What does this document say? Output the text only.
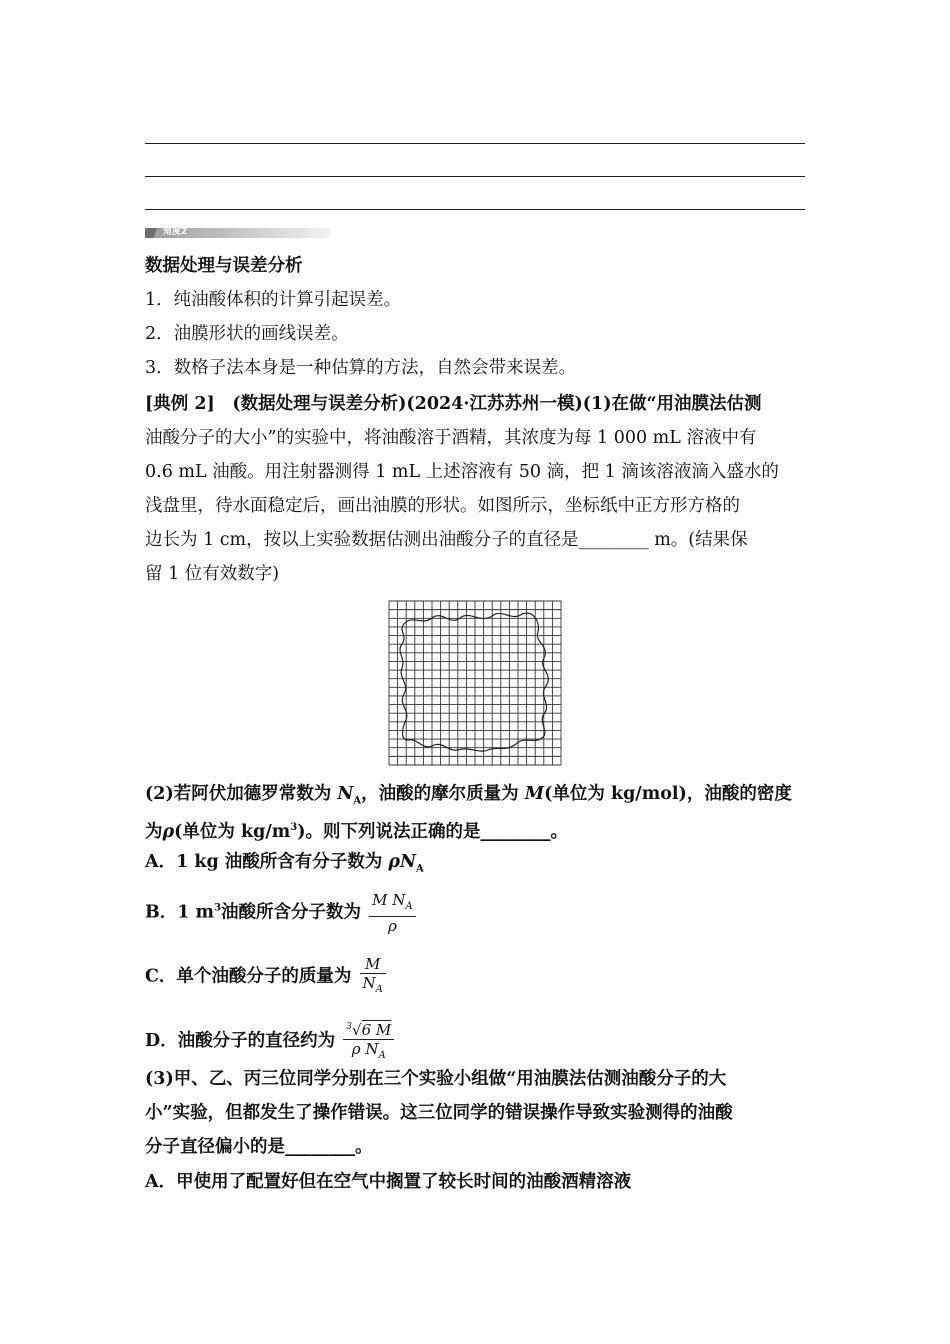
角度2
数据处理与误差分析
1．纯油酸体积的计算引起误差。
2．油膜形状的画线误差。
3．数格子法本身是一种估算的方法，自然会带来误差。
[典例 2]　(数据处理与误差分析)(2024·江苏苏州一模)(1)在做“用油膜法估测
油酸分子的大小”的实验中，将油酸溶于酒精，其浓度为每 1 000 mL 溶液中有
0.6 mL 油酸。用注射器测得 1 mL 上述溶液有 50 滴，把 1 滴该溶液滴入盛水的
浅盘里，待水面稳定后，画出油膜的形状。如图所示，坐标纸中正方形方格的
边长为 1 cm，按以上实验数据估测出油酸分子的直径是________ m。(结果保
留 1 位有效数字)
(2)若阿伏加德罗常数为 $N_A$，油酸的摩尔质量为 M(单位为 kg/mol)，油酸的密度
为ρ(单位为 $kg/m^3$)。则下列说法正确的是________。
A．1 kg 油酸所含有分子数为 $\rho N_A$
B．1 $m^3$油酸所含分子数为 $\frac{M N_A}{\rho}$
C．单个油酸分子的质量为 $\frac{M}{N_A}$
D．油酸分子的直径约为 $\frac{^3√6 M}{\rho N_A}$
(3)甲、乙、丙三位同学分别在三个实验小组做“用油膜法估测油酸分子的大
小”实验，但都发生了操作错误。这三位同学的错误操作导致实验测得的油酸
分子直径偏小的是________。
A．甲使用了配置好但在空气中搁置了较长时间的油酸酒精溶液
